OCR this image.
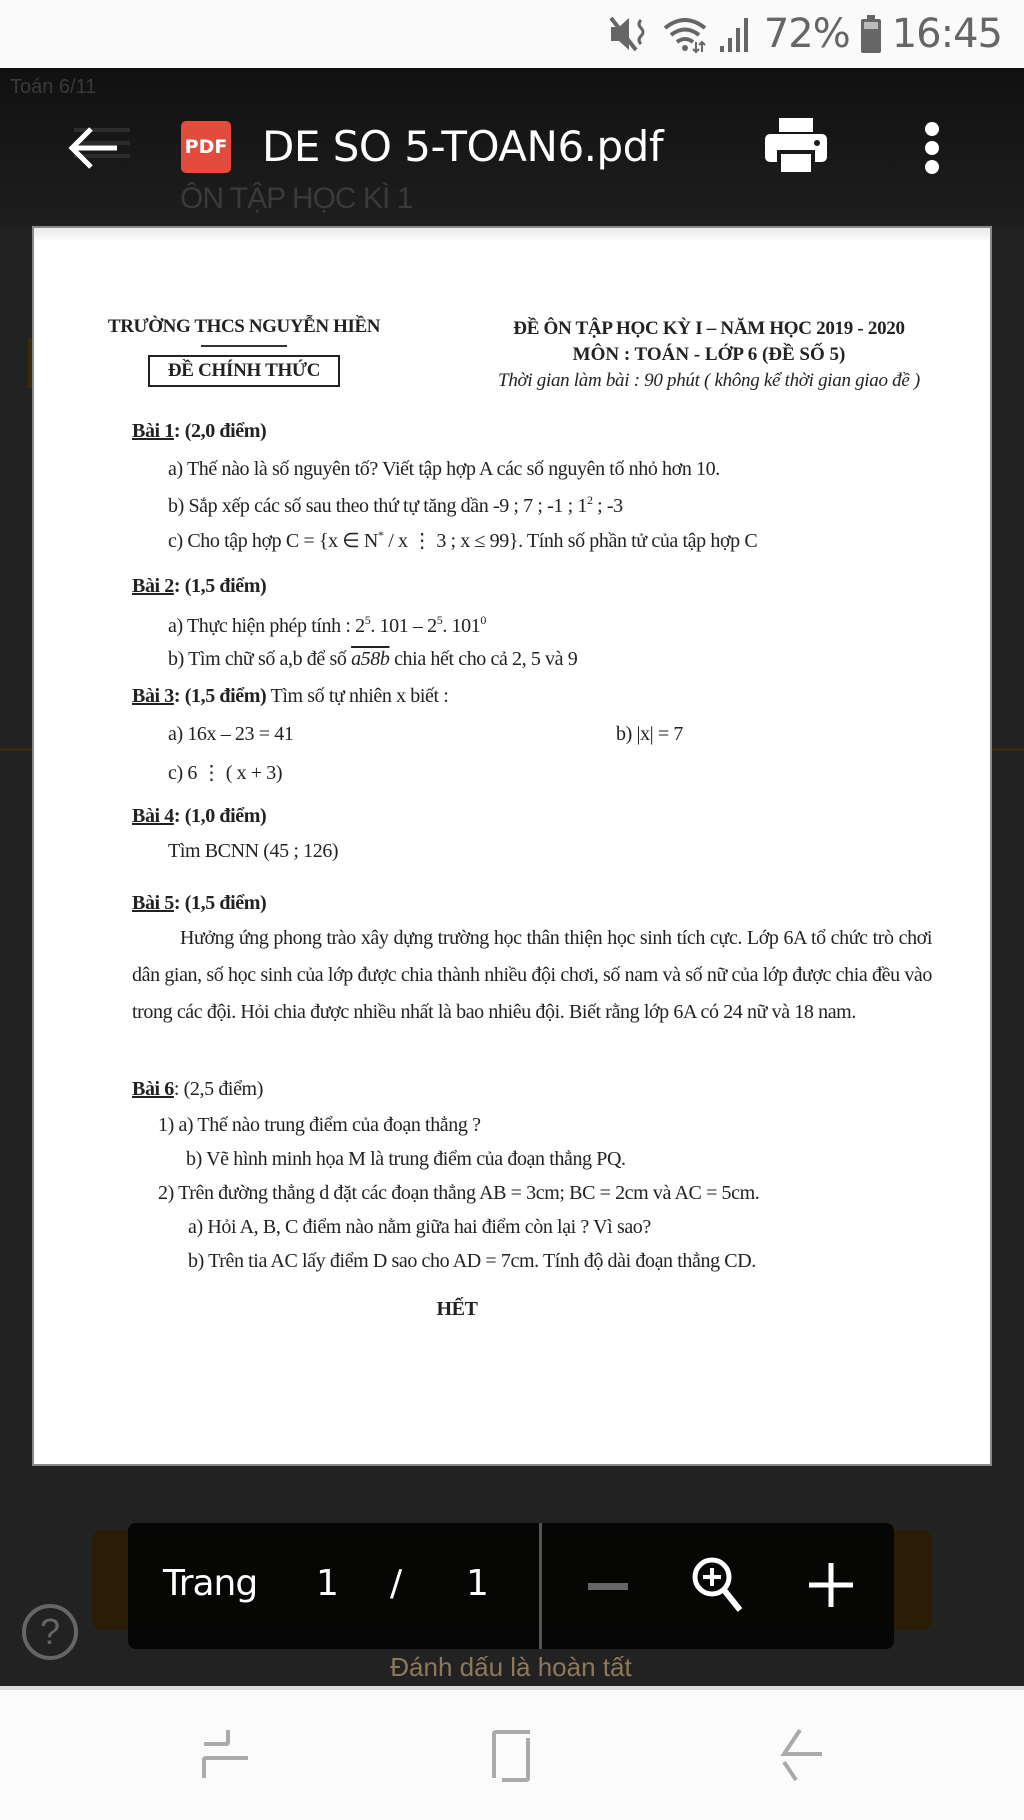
72% 16:45
Toán 6/11
ÔN TẬP HỌC KÌ 1
PDF DE SO 5-TOAN6.pdf
TRƯỜNG THCS NGUYỄN HIỀN
ĐỀ CHÍNH THỨC
ĐỀ ÔN TẬP HỌC KỲ I – NĂM HỌC 2019 - 2020
MÔN : TOÁN - LỚP 6 (ĐỀ SỐ 5)
Thời gian làm bài : 90 phút ( không kể thời gian giao đề )
Bài 1: (2,0 điểm)
a) Thế nào là số nguyên tố? Viết tập hợp A các số nguyên tố nhỏ hơn 10.
b) Sắp xếp các số sau theo thứ tự tăng dần -9 ; 7 ; -1 ; $1^2$ ; -3
c) Cho tập hợp C = {x ∈ N* / x ⋮ 3 ; x ≤ 99}. Tính số phần tử của tập hợp C
Bài 2: (1,5 điểm)
a) Thực hiện phép tính : $2^5$. $101 - 2^5$. $101^0$
b) Tìm chữ số a,b để số a58b chia hết cho cả 2, 5 và 9
Bài 3: (1,5 điểm) Tìm số tự nhiên x biết :
a) 16x – 23 = 41	b) |x| = 7
c) 6 ⋮ ( x + 3)
Bài 4: (1,0 điểm)
Tìm BCNN (45 ; 126)
Bài 5: (1,5 điểm)
Hưởng ứng phong trào xây dựng trường học thân thiện học sinh tích cực. Lớp 6A tổ chức trò chơi dân gian, số học sinh của lớp được chia thành nhiều đội chơi, số nam và số nữ của lớp được chia đều vào trong các đội. Hỏi chia được nhiều nhất là bao nhiêu đội. Biết rằng lớp 6A có 24 nữ và 18 nam.
Bài 6: (2,5 điểm)
1) a) Thế nào trung điểm của đoạn thẳng ?
b) Vẽ hình minh họa M là trung điểm của đoạn thẳng PQ.
2) Trên đường thẳng d đặt các đoạn thẳng AB = 3cm; BC = 2cm và AC = 5cm.
a) Hỏi A, B, C điểm nào nằm giữa hai điểm còn lại ? Vì sao?
b) Trên tia AC lấy điểm D sao cho AD = 7cm. Tính độ dài đoạn thẳng CD.
HẾT
?
Trang 1 / 1
Đánh dấu là hoàn tất
